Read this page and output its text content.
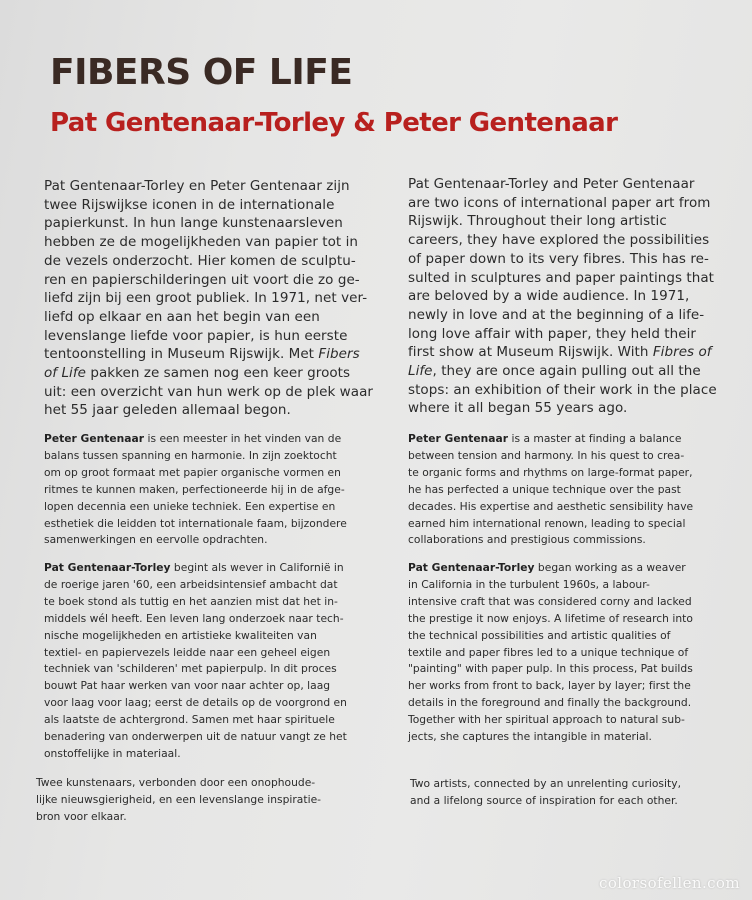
FIBERS OF LIFE
Pat Gentenaar-Torley & Peter Gentenaar

Pat Gentenaar-Torley en Peter Gentenaar zijn
twee Rijswijkse iconen in de internationale
papierkunst. In hun lange kunstenaarsleven
hebben ze de mogelijkheden van papier tot in
de vezels onderzocht. Hier komen de sculptu-
ren en papierschilderingen uit voort die zo ge-
liefd zijn bij een groot publiek. In 1971, net ver-
liefd op elkaar en aan het begin van een
levenslange liefde voor papier, is hun eerste
tentoonstelling in Museum Rijswijk. Met Fibers
of Life pakken ze samen nog een keer groots
uit: een overzicht van hun werk op de plek waar
het 55 jaar geleden allemaal begon.

Peter Gentenaar is een meester in het vinden van de
balans tussen spanning en harmonie. In zijn zoektocht
om op groot formaat met papier organische vormen en
ritmes te kunnen maken, perfectioneerde hij in de afge-
lopen decennia een unieke techniek. Een expertise en
esthetiek die leidden tot internationale faam, bijzondere
samenwerkingen en eervolle opdrachten.

Pat Gentenaar-Torley begint als wever in Californië in
de roerige jaren '60, een arbeidsintensief ambacht dat
te boek stond als tuttig en het aanzien mist dat het in-
middels wél heeft. Een leven lang onderzoek naar tech-
nische mogelijkheden en artistieke kwaliteiten van
textiel- en papiervezels leidde naar een geheel eigen
techniek van 'schilderen' met papierpulp. In dit proces
bouwt Pat haar werken van voor naar achter op, laag
voor laag voor laag; eerst de details op de voorgrond en
als laatste de achtergrond. Samen met haar spirituele
benadering van onderwerpen uit de natuur vangt ze het
onstoffelijke in materiaal.

Twee kunstenaars, verbonden door een onophoude-
lijke nieuwsgierigheid, en een levenslange inspiratie-
bron voor elkaar.

Pat Gentenaar-Torley and Peter Gentenaar
are two icons of international paper art from
Rijswijk. Throughout their long artistic
careers, they have explored the possibilities
of paper down to its very fibres. This has re-
sulted in sculptures and paper paintings that
are beloved by a wide audience. In 1971,
newly in love and at the beginning of a life-
long love affair with paper, they held their
first show at Museum Rijswijk. With Fibres of
Life, they are once again pulling out all the
stops: an exhibition of their work in the place
where it all began 55 years ago.

Peter Gentenaar is a master at finding a balance
between tension and harmony. In his quest to crea-
te organic forms and rhythms on large-format paper,
he has perfected a unique technique over the past
decades. His expertise and aesthetic sensibility have
earned him international renown, leading to special
collaborations and prestigious commissions.

Pat Gentenaar-Torley began working as a weaver
in California in the turbulent 1960s, a labour-
intensive craft that was considered corny and lacked
the prestige it now enjoys. A lifetime of research into
the technical possibilities and artistic qualities of
textile and paper fibres led to a unique technique of
"painting" with paper pulp. In this process, Pat builds
her works from front to back, layer by layer; first the
details in the foreground and finally the background.
Together with her spiritual approach to natural sub-
jects, she captures the intangible in material.

Two artists, connected by an unrelenting curiosity,
and a lifelong source of inspiration for each other.

colorsofellen.com
